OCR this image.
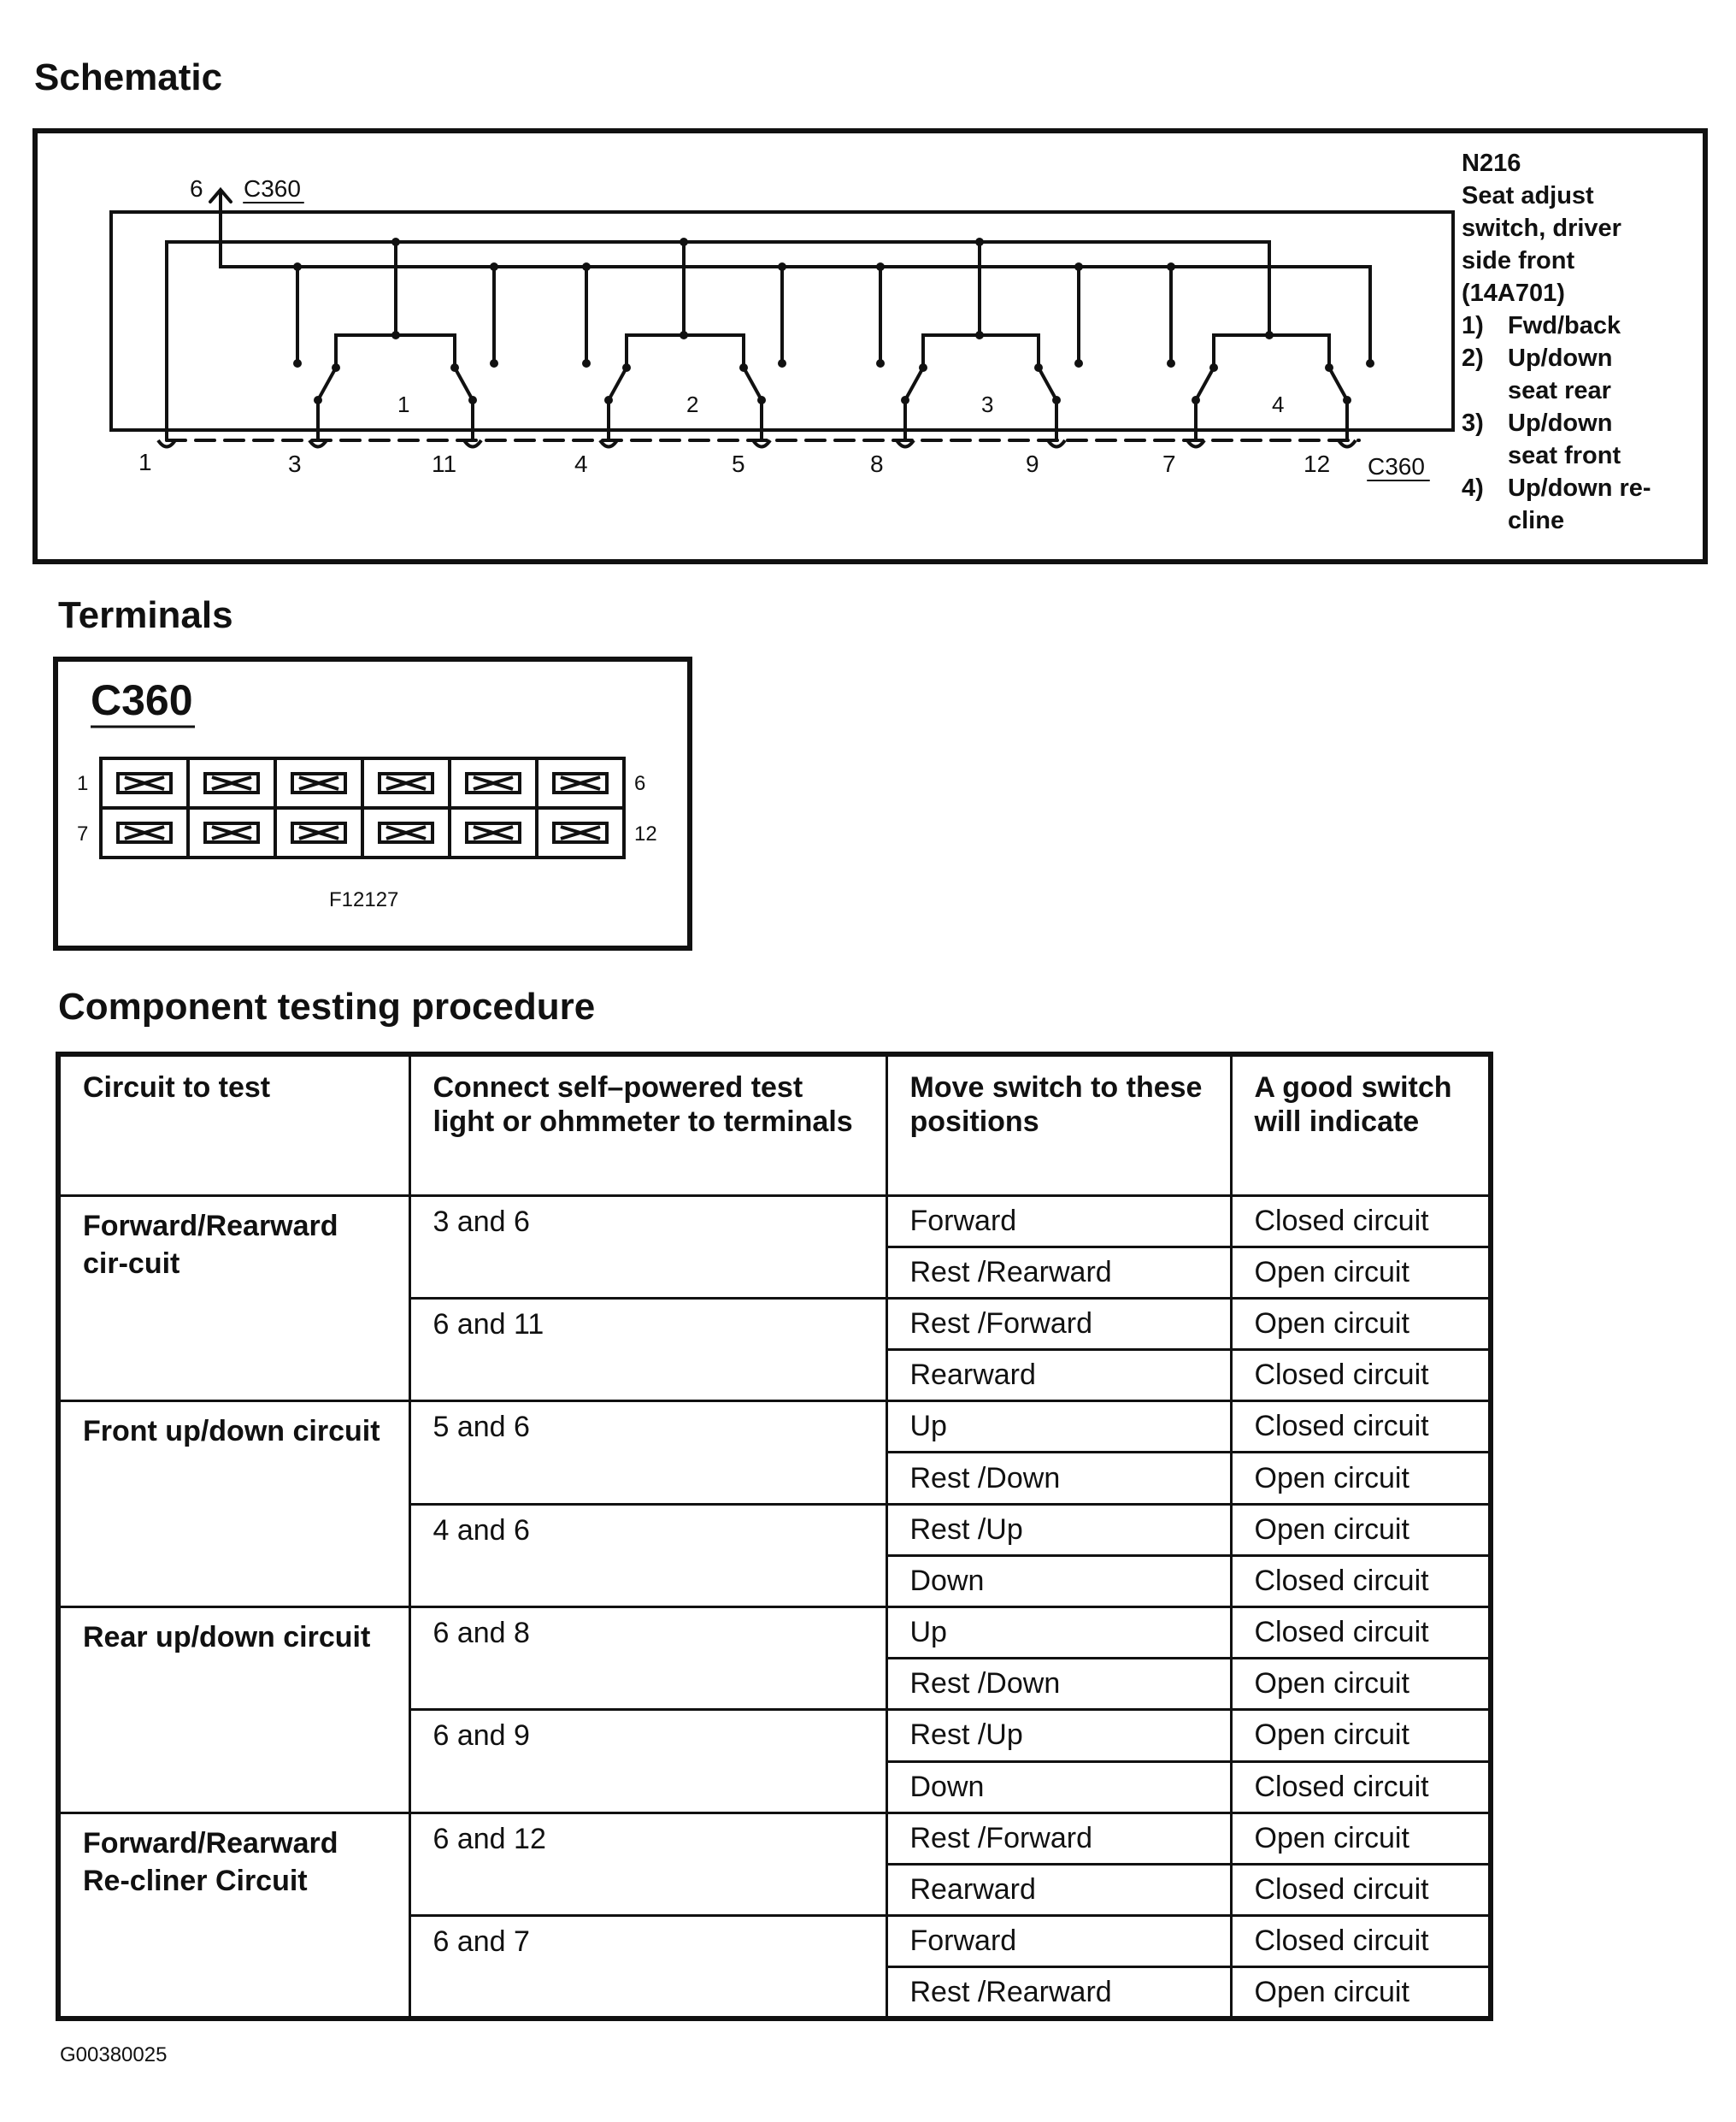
Schematic
6 C360
C360
1	2	3	4
1	3	11	4	5	8	9	7	12
N216
Seat adjust
switch, driver
side front
(14A701)
1) Fwd/back
2) Up/down
seat rear
3) Up/down
seat front
4) Up/down re-
cline
Terminals
C360
1	6
7	12
F12127
Component testing procedure
Circuit to test	Connect self–powered test light or ohmmeter to terminals	Move switch to these positions	A good switch will indicate
Forward/Rearward cir-cuit	3 and 6	Forward	Closed circuit
		Rest /Rearward	Open circuit
	6 and 11	Rest /Forward	Open circuit
		Rearward	Closed circuit
Front up/down circuit	5 and 6	Up	Closed circuit
		Rest /Down	Open circuit
	4 and 6	Rest /Up	Open circuit
		Down	Closed circuit
Rear up/down circuit	6 and 8	Up	Closed circuit
		Rest /Down	Open circuit
	6 and 9	Rest /Up	Open circuit
		Down	Closed circuit
Forward/Rearward Re-cliner Circuit	6 and 12	Rest /Forward	Open circuit
		Rearward	Closed circuit
	6 and 7	Forward	Closed circuit
		Rest /Rearward	Open circuit
G00380025
